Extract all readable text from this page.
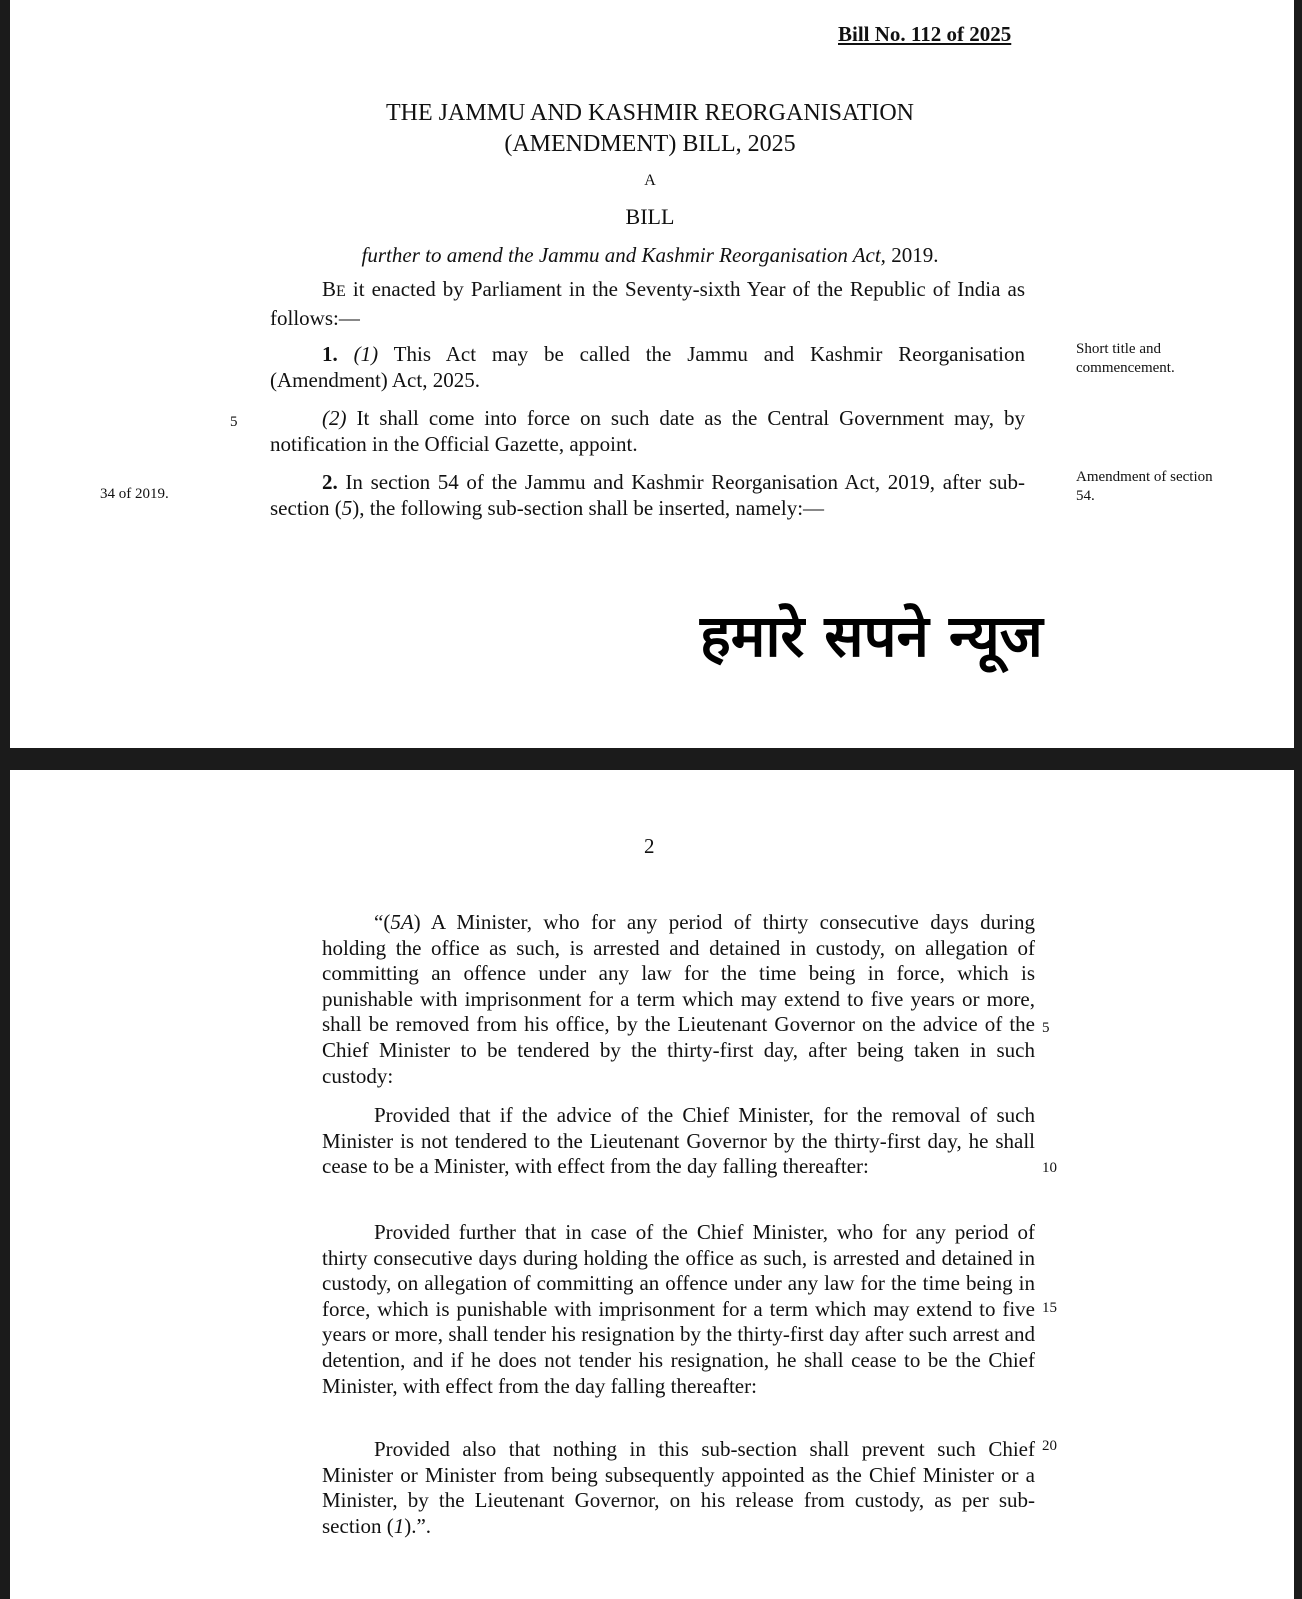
Bill No. 112 of 2025
THE JAMMU AND KASHMIR REORGANISATION
(AMENDMENT) BILL, 2025
A
BILL
further to amend the Jammu and Kashmir Reorganisation Act, 2019.
BE it enacted by Parliament in the Seventy-sixth Year of the Republic of India as follows:—
1. (1) This Act may be called the Jammu and Kashmir Reorganisation (Amendment) Act, 2025.
Short title and commencement.
5	(2) It shall come into force on such date as the Central Government may, by notification in the Official Gazette, appoint.
34 of 2019.	2. In section 54 of the Jammu and Kashmir Reorganisation Act, 2019, after sub-section (5), the following sub-section shall be inserted, namely:—
Amendment of section 54.
हमारे सपने न्यूज
2
“(5A) A Minister, who for any period of thirty consecutive days during holding the office as such, is arrested and detained in custody, on allegation of committing an offence under any law for the time being in force, which is punishable with imprisonment for a term which may extend to five years or more, shall be removed from his office, by the Lieutenant Governor on the advice of the Chief Minister to be tendered by the thirty-first day, after being taken in such custody:
5
Provided that if the advice of the Chief Minister, for the removal of such Minister is not tendered to the Lieutenant Governor by the thirty-first day, he shall cease to be a Minister, with effect from the day falling thereafter:	10
Provided further that in case of the Chief Minister, who for any period of thirty consecutive days during holding the office as such, is arrested and detained in custody, on allegation of committing an offence under any law for the time being in force, which is punishable with imprisonment for a term which may extend to five years or more, shall tender his resignation by the thirty-first day after such arrest and detention, and if he does not tender his resignation, he shall cease to be the Chief Minister, with effect from the day falling thereafter:
15
Provided also that nothing in this sub-section shall prevent such Chief Minister or Minister from being subsequently appointed as the Chief Minister or a Minister, by the Lieutenant Governor, on his release from custody, as per sub-section (1).”.
20
